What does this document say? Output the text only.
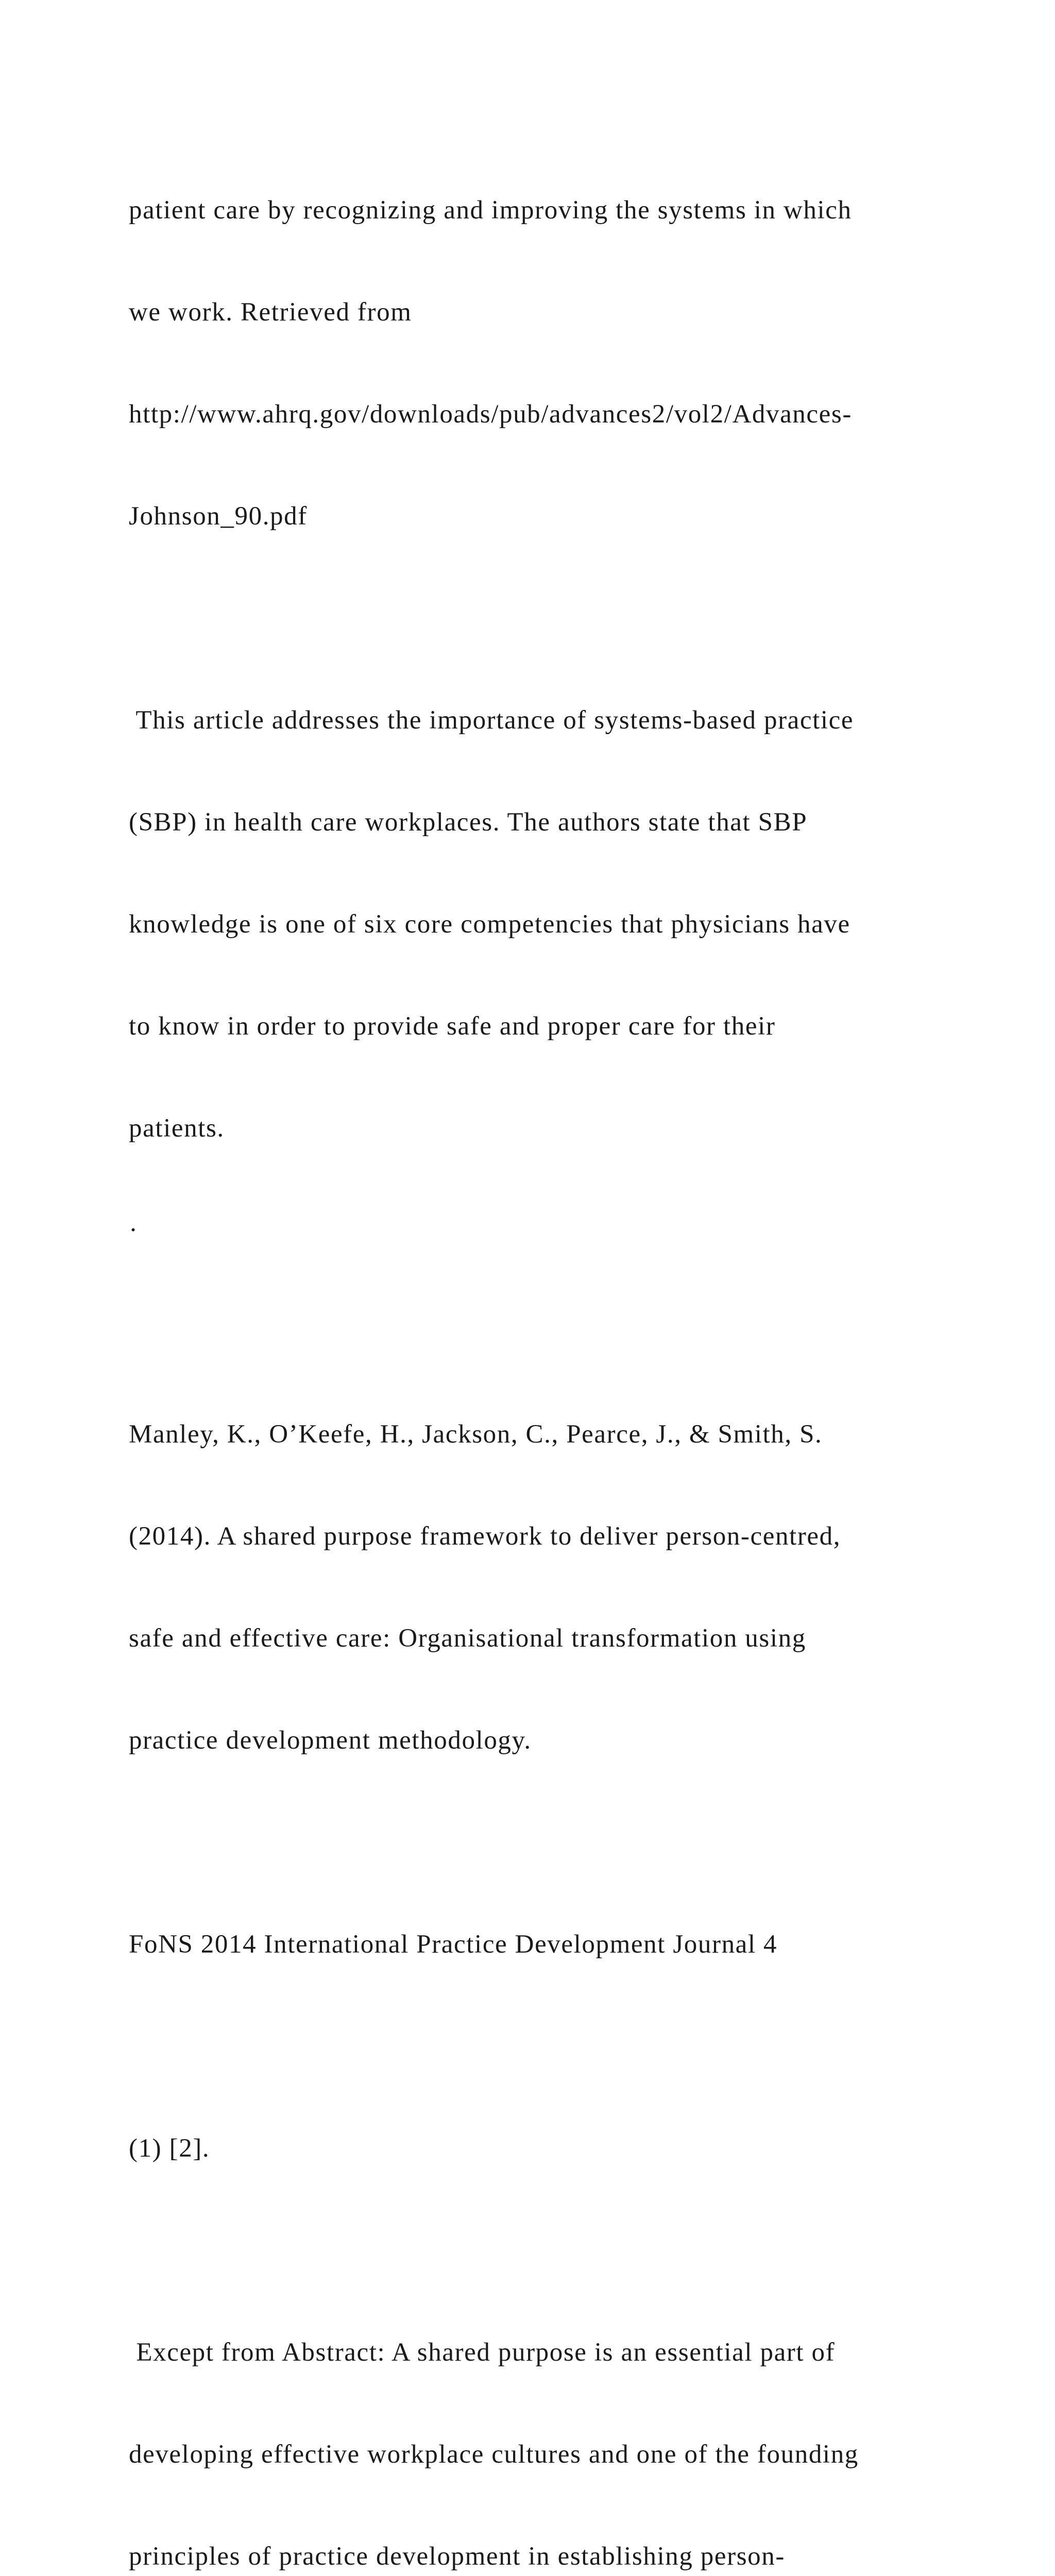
patient care by recognizing and improving the systems in which

we work. Retrieved from

http://www.ahrq.gov/downloads/pub/advances2/vol2/Advances-

Johnson_90.pdf

This article addresses the importance of systems-based practice

(SBP) in health care workplaces. The authors state that SBP

knowledge is one of six core competencies that physicians have

to know in order to provide safe and proper care for their

patients.

·

Manley, K., O’Keefe, H., Jackson, C., Pearce, J., & Smith, S.

(2014). A shared purpose framework to deliver person-centred,

safe and effective care: Organisational transformation using

practice development methodology.

FoNS 2014 International Practice Development Journal 4

(1) [2].

Except from Abstract: A shared purpose is an essential part of

developing effective workplace cultures and one of the founding

principles of practice development in establishing person-
